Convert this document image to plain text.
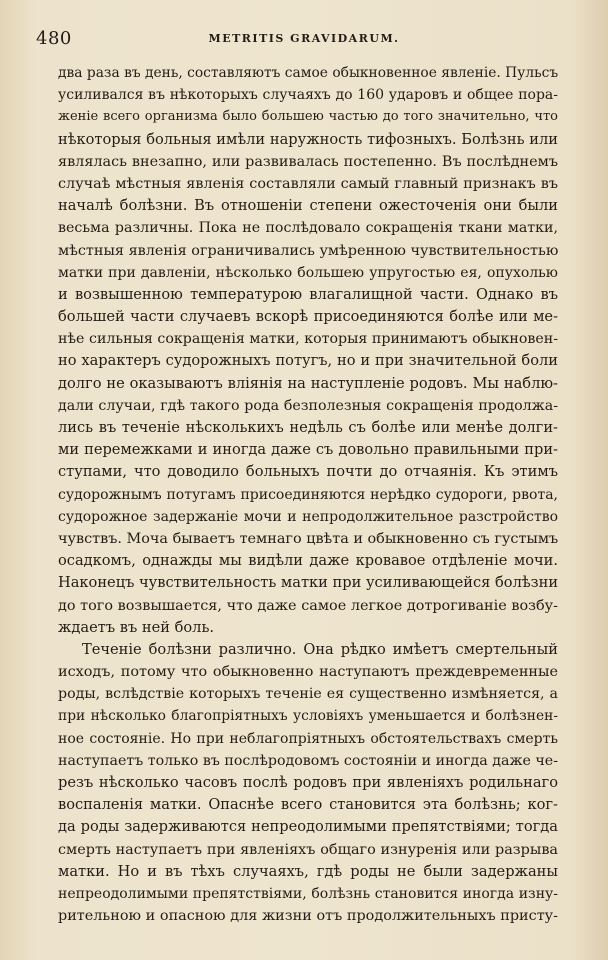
480	METRITIS GRAVIDARUM.
два раза въ день, составляютъ самое обыкновенное явленіе. Пульсъ
усиливался въ нѣкоторыхъ случаяхъ до 160 ударовъ и общее пора-
женіе всего организма было большею частью до того значительно, что
нѣкоторыя больныя имѣли наружность тифозныхъ. Болѣзнь или
являлась внезапно, или развивалась постепенно. Въ послѣднемъ
случаѣ мѣстныя явленія составляли самый главный признакъ въ
началѣ болѣзни. Въ отношеніи степени ожесточенія они были
весьма различны. Пока не послѣдовало сокращенія ткани матки,
мѣстныя явленія ограничивались умѣренною чувствительностью
матки при давленіи, нѣсколько большею упругостью ея, опухолью
и возвышенною температурою влагалищной части. Однако въ
большей части случаевъ вскорѣ присоединяются болѣе или ме-
нѣе сильныя сокращенія матки, которыя принимаютъ обыкновен-
но характеръ судорожныхъ потугъ, но и при значительной боли
долго не оказываютъ вліянія на наступленіе родовъ. Мы наблю-
дали случаи, гдѣ такого рода безполезныя сокращенія продолжа-
лись въ теченіе нѣсколькихъ недѣль съ болѣе или менѣе долги-
ми перемежками и иногда даже съ довольно правильными при-
ступами, что доводило больныхъ почти до отчаянія. Къ этимъ
судорожнымъ потугамъ присоединяются нерѣдко судороги, рвота,
судорожное задержаніе мочи и непродолжительное разстройство
чувствъ. Моча бываетъ темнаго цвѣта и обыкновенно съ густымъ
осадкомъ, однажды мы видѣли даже кровавое отдѣленіе мочи.
Наконецъ чувствительность матки при усиливающейся болѣзни
до того возвышается, что даже самое легкое дотрогиваніе возбу-
ждаетъ въ ней боль.
Теченіе болѣзни различно. Она рѣдко имѣетъ смертельный
исходъ, потому что обыкновенно наступаютъ преждевременные
роды, вслѣдствіе которыхъ теченіе ея существенно измѣняется, а
при нѣсколько благопріятныхъ условіяхъ уменьшается и болѣзнен-
ное состояніе. Но при неблагопріятныхъ обстоятельствахъ смерть
наступаетъ только въ послѣродовомъ состояніи и иногда даже че-
резъ нѣсколько часовъ послѣ родовъ при явленіяхъ родильнаго
воспаленія матки. Опаснѣе всего становится эта болѣзнь; ког-
да роды задерживаются непреодолимыми препятствіями; тогда
смерть наступаетъ при явленіяхъ общаго изнуренія или разрыва
матки. Но и въ тѣхъ случаяхъ, гдѣ роды не были задержаны
непреодолимыми препятствіями, болѣзнь становится иногда изну-
рительною и опасною для жизни отъ продолжительныхъ присту-
